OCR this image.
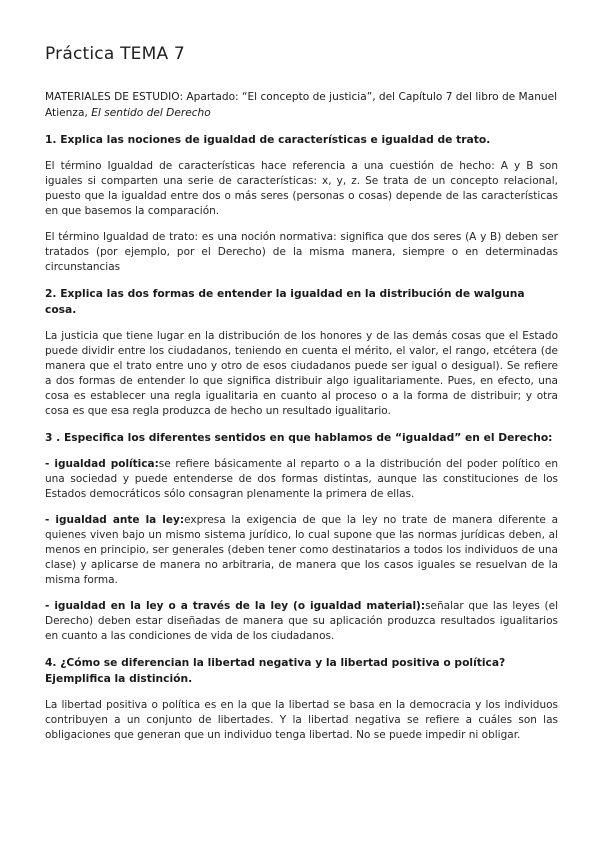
Práctica TEMA 7

MATERIALES DE ESTUDIO: Apartado: “El concepto de justicia”, del Capítulo 7 del libro de Manuel Atienza, El sentido del Derecho

1. Explica las nociones de igualdad de características e igualdad de trato.

El término Igualdad de características hace referencia a una cuestión de hecho: A y B son iguales si comparten una serie de características: x, y, z. Se trata de un concepto relacional, puesto que la igualdad entre dos o más seres (personas o cosas) depende de las características en que basemos la comparación.

El término Igualdad de trato: es una noción normativa: significa que dos seres (A y B) deben ser tratados (por ejemplo, por el Derecho) de la misma manera, siempre o en determinadas circunstancias

2. Explica las dos formas de entender la igualdad en la distribución de walguna cosa.

La justicia que tiene lugar en la distribución de los honores y de las demás cosas que el Estado puede dividir entre los ciudadanos, teniendo en cuenta el mérito, el valor, el rango, etcétera (de manera que el trato entre uno y otro de esos ciudadanos puede ser igual o desigual). Se refiere a dos formas de entender lo que significa distribuir algo igualitariamente. Pues, en efecto, una cosa es establecer una regla igualitaria en cuanto al proceso o a la forma de distribuir; y otra cosa es que esa regla produzca de hecho un resultado igualitario.

3 . Especifica los diferentes sentidos en que hablamos de “igualdad” en el Derecho:

- igualdad política:se refiere básicamente al reparto o a la distribución del poder político en una sociedad y puede entenderse de dos formas distintas, aunque las constituciones de los Estados democráticos sólo consagran plenamente la primera de ellas.

- igualdad ante la ley:expresa la exigencia de que la ley no trate de manera diferente a quienes viven bajo un mismo sistema jurídico, lo cual supone que las normas jurídicas deben, al menos en principio, ser generales (deben tener como destinatarios a todos los individuos de una clase) y aplicarse de manera no arbitraria, de manera que los casos iguales se resuelvan de la misma forma.

- igualdad en la ley o a través de la ley (o igualdad material):señalar que las leyes (el Derecho) deben estar diseñadas de manera que su aplicación produzca resultados igualitarios en cuanto a las condiciones de vida de los ciudadanos.

4. ¿Cómo se diferencian la libertad negativa y la libertad positiva o política? Ejemplifica la distinción.

La libertad positiva o política es en la que la libertad se basa en la democracia y los individuos contribuyen a un conjunto de libertades. Y la libertad negativa se refiere a cuáles son las obligaciones que generan que un individuo tenga libertad. No se puede impedir ni obligar.
